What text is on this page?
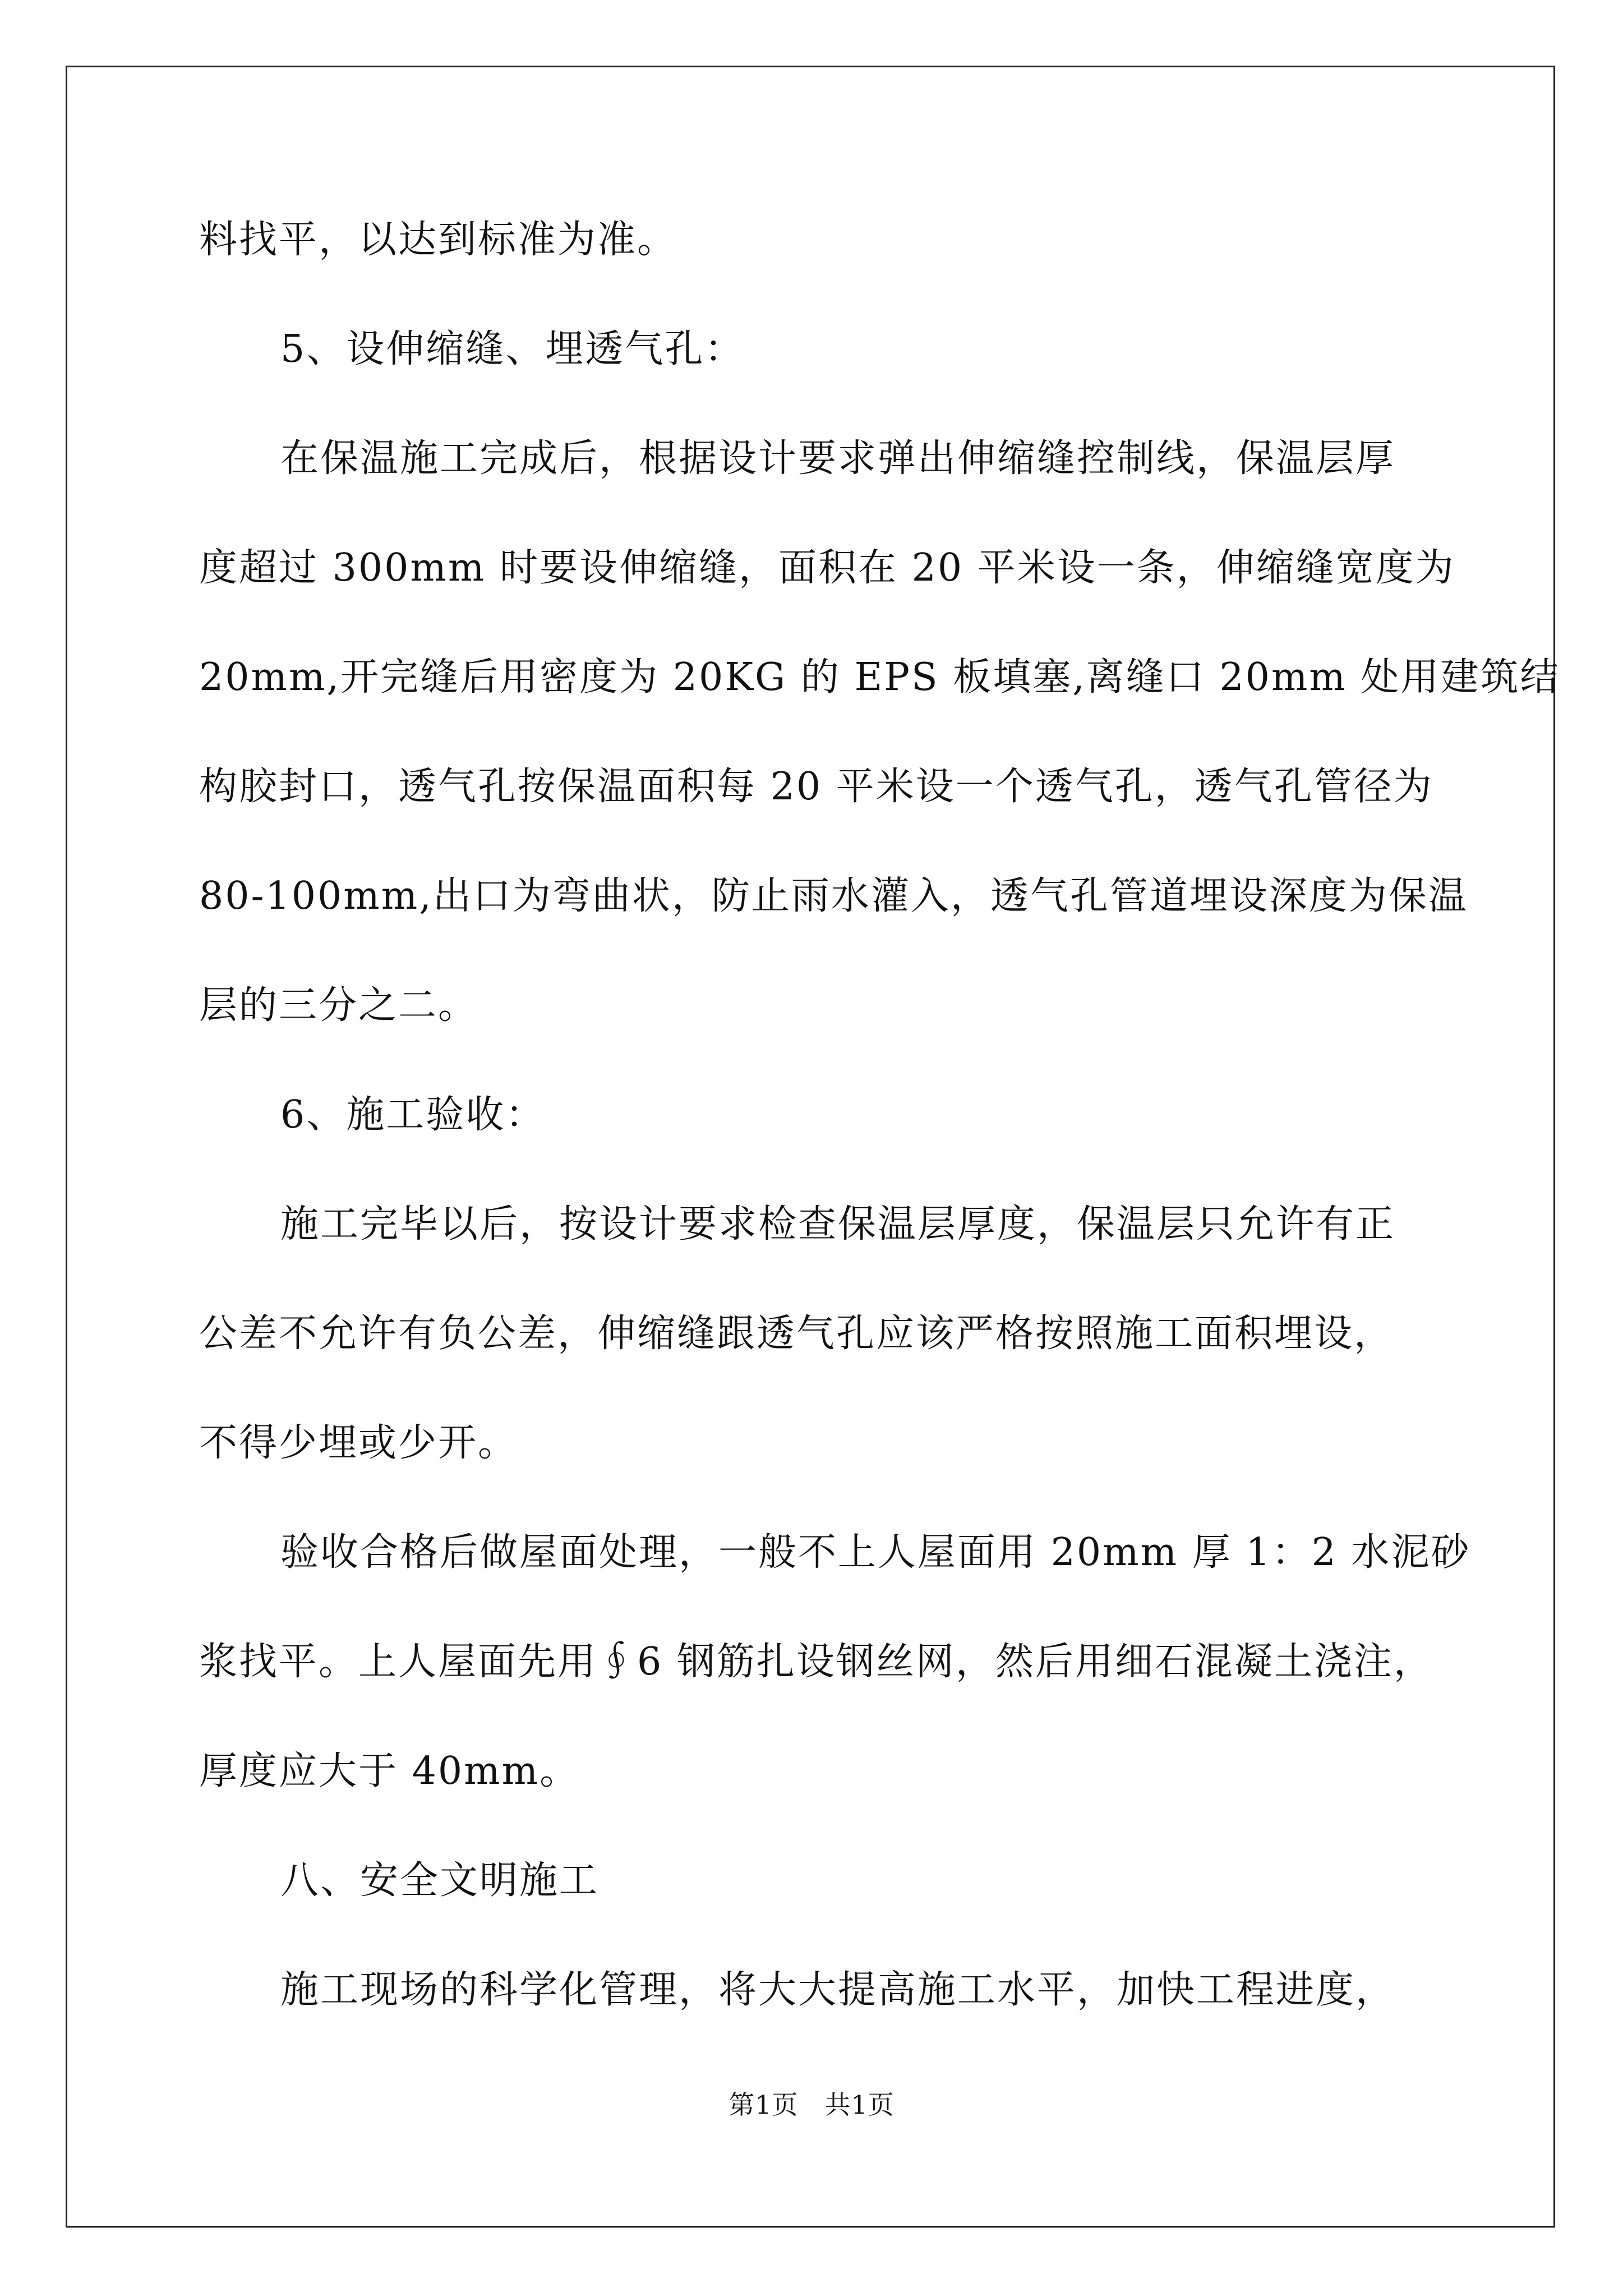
料找平，以达到标准为准。
5、设伸缩缝、埋透气孔：
在保温施工完成后，根据设计要求弹出伸缩缝控制线，保温层厚
度超过 300mm 时要设伸缩缝，面积在 20 平米设一条，伸缩缝宽度为
20mm,开完缝后用密度为 20KG 的 EPS 板填塞,离缝口 20mm 处用建筑结
构胶封口，透气孔按保温面积每 20 平米设一个透气孔，透气孔管径为
80-100mm,出口为弯曲状，防止雨水灌入，透气孔管道埋设深度为保温
层的三分之二。
6、施工验收：
施工完毕以后，按设计要求检查保温层厚度，保温层只允许有正
公差不允许有负公差，伸缩缝跟透气孔应该严格按照施工面积埋设，
不得少埋或少开。
验收合格后做屋面处理，一般不上人屋面用 20mm 厚 1：2 水泥砂
浆找平。上人屋面先用∮6 钢筋扎设钢丝网，然后用细石混凝土浇注，
厚度应大于 40mm。
八、安全文明施工
施工现场的科学化管理，将大大提高施工水平，加快工程进度，
第1页　共1页
